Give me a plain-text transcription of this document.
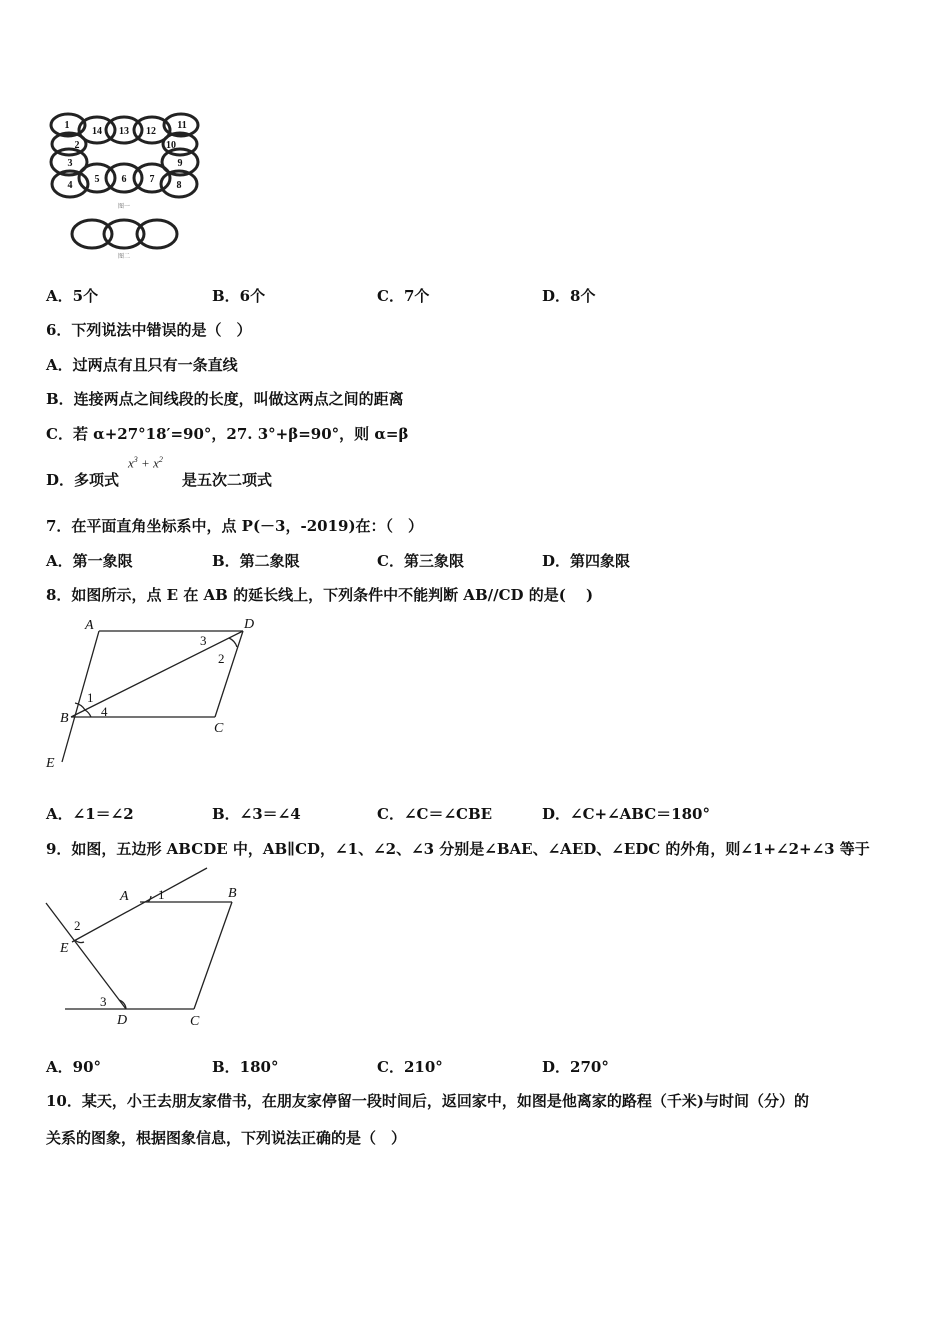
1
14 13 12
11
2
3
4
10
9
8
5 6 7
图一
图二
A．5个	B．6个	C．7个	D．8个
6．下列说法中错误的是（　）
A．过两点有且只有一条直线
B．连接两点之间线段的长度，叫做这两点之间的距离
C．若 α+27°18′=90°，27. 3°+β=90°，则 α=β
D．多项式
$x^3 + x^2$
是五次二项式
7．在平面直角坐标系中，点 P(－3，-2019)在：（　）
A．第一象限	B．第二象限	C．第三象限	D．第四象限
8．如图所示，点 E 在 AB 的延长线上，下列条件中不能判断 AB//CD 的是(　 )
A	D
B
C
E
1
4
3
2
A．∠1＝∠2	B．∠3＝∠4	C．∠C＝∠CBE	D．∠C+∠ABC＝180°
9．如图，五边形 ABCDE 中，AB∥CD，∠1、∠2、∠3 分别是∠BAE、∠AED、∠EDC 的外角，则∠1+∠2+∠3 等于
A	B
E
D	C
1
2
3
A．90°	B．180°	C．210°	D．270°
10．某天，小王去朋友家借书，在朋友家停留一段时间后，返回家中，如图是他离家的路程（千米)与时间（分）的
关系的图象，根据图象信息，下列说法正确的是（　）
